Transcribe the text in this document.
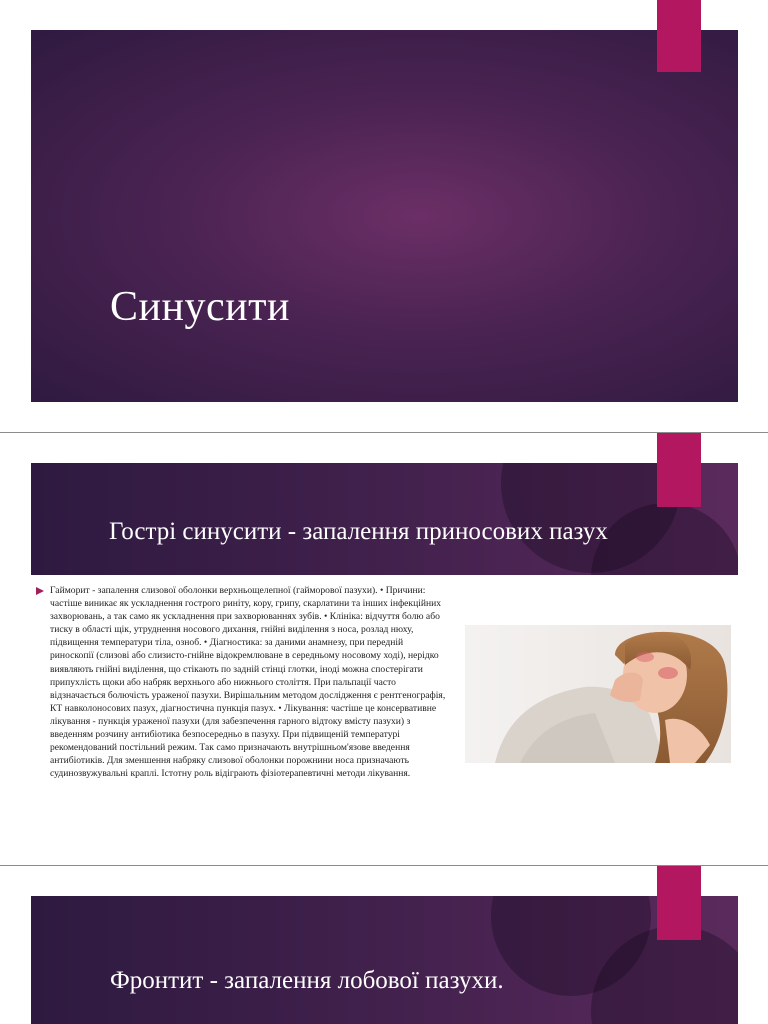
Синусити
Гострі синусити - запалення приносових пазух

Гайморит - запалення слизової оболонки верхньощелепної (гайморової пазухи). • Причини: частіше виникає як ускладнення гострого риніту, кору, грипу, скарлатини та інших інфекційних захворювань, а так само як ускладнення при захворюваннях зубів. • Клініка: відчуття болю або тиску в області щік, утруднення носового дихання, гнійні виділення з носа, розлад нюху, підвищення температури тіла, озноб. • Діагностика: за даними анамнезу, при передній риноскопії (слизові або слизисто-гнійне відокремлюване в середньому носовому ході), нерідко виявляють гнійні виділення, що стікають по задній стінці глотки, іноді можна спостерігати припухлість щоки або набряк верхнього або нижнього століття. При пальпації часто відзначається болючість ураженої пазухи. Вирішальним методом дослідження є рентгенографія, КТ навколоносових пазух, діагностична пункція пазух. • Лікування: частіше це консервативне лікування - пункція ураженої пазухи (для забезпечення гарного відтоку вмісту пазухи) з введенням розчину антибіотика безпосередньо в пазуху. При підвищеній температурі рекомендований постільний режим. Так само призначають внутрішньом'язове введення антибіотиків. Для зменшення набряку слизової оболонки порожнини носа призначають судинозвужувальні краплі. Істотну роль відіграють фізіотерапевтичні методи лікування.

Фронтит - запалення лобової пазухи.
